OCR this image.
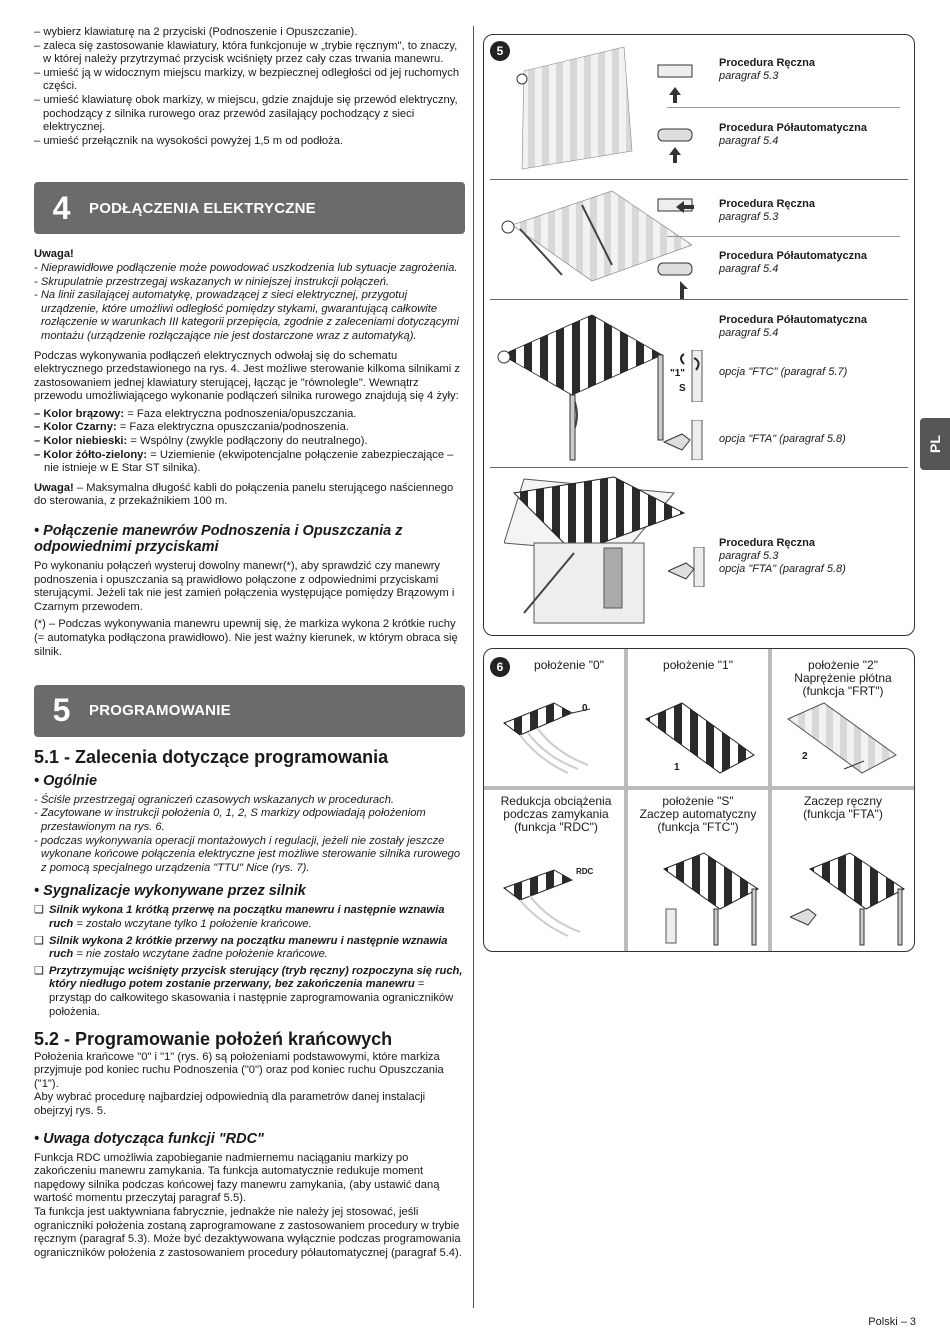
– wybierz klawiaturę na 2 przyciski (Podnoszenie i Opuszczanie).
– zaleca się zastosowanie klawiatury, która funkcjonuje w „trybie ręcznym", to znaczy, w której należy przytrzymać przycisk wciśnięty przez cały czas trwania manewru.
– umieść ją w widocznym miejscu markizy, w bezpiecznej odległości od jej ruchomych części.
– umieść klawiaturę obok markizy, w miejscu, gdzie znajduje się przewód elektryczny, pochodzący z silnika rurowego oraz przewód zasilający pochodzący z sieci elektrycznej.
– umieść przełącznik na wysokości powyżej 1,5 m od podłoża.
4	PODŁĄCZENIA ELEKTRYCZNE
Uwaga!
- Nieprawidłowe podłączenie może powodować uszkodzenia lub sytuacje zagrożenia.
- Skrupulatnie przestrzegaj wskazanych w niniejszej instrukcji połączeń.
- Na linii zasilającej automatykę, prowadzącej z sieci elektrycznej, przygotuj urządzenie, które umożliwi odległość pomiędzy stykami, gwarantującą całkowite rozłączenie w warunkach III kategorii przepięcia, zgodnie z zaleceniami dotyczącymi montażu (urządzenie rozłączające nie jest dostarczone wraz z automatyką).

Podczas wykonywania podłączeń elektrycznych odwołaj się do schematu elektrycznego przedstawionego na rys. 4. Jest możliwe sterowanie kilkoma silnikami z zastosowaniem jednej klawiatury sterującej, łącząc je "równolegle". Wewnątrz przewodu umożliwiającego wykonanie podłączeń silnika rurowego znajdują się 4 żyły:

– Kolor brązowy: = Faza elektryczna podnoszenia/opuszczania.
– Kolor Czarny: = Faza elektryczna opuszczania/podnoszenia.
– Kolor niebieski: = Wspólny (zwykle podłączony do neutralnego).
– Kolor żółto-zielony: = Uziemienie (ekwipotencjalne połączenie zabezpieczające – nie istnieje w E Star ST silnika).

Uwaga! – Maksymalna długość kabli do połączenia panelu sterującego naściennego do sterowania, z przekaźnikiem 100 m.

• Połączenie manewrów Podnoszenia i Opuszczania z odpowiednimi przyciskami

Po wykonaniu połączeń wysteruj dowolny manewr(*), aby sprawdzić czy manewry podnoszenia i opuszczania są prawidłowo połączone z odpowiednimi przyciskami sterującymi. Jeżeli tak nie jest zamień połączenia występujące pomiędzy Brązowym i Czarnym przewodem.

(*) – Podczas wykonywania manewru upewnij się, że markiza wykona 2 krótkie ruchy (= automatyka podłączona prawidłowo). Nie jest ważny kierunek, w którym obraca się silnik.

5	PROGRAMOWANIE
5.1 - Zalecenia dotyczące programowania
• Ogólnie
- Ściśle przestrzegaj ograniczeń czasowych wskazanych w procedurach.
- Zacytowane w instrukcji położenia 0, 1, 2, S markizy odpowiadają położeniom przestawionym na rys. 6.
- podczas wykonywania operacji montażowych i regulacji, jeżeli nie zostały jeszcze wykonane końcowe połączenia elektryczne jest możliwe sterowanie silnika rurowego z pomocą specjalnego urządzenia "TTU" Nice (rys. 7).
• Sygnalizacje wykonywane przez silnik
❑ Silnik wykona 1 krótką przerwę na początku manewru i następnie wznawia ruch = zostało wczytane tylko 1 położenie krańcowe.
❑ Silnik wykona 2 krótkie przerwy na początku manewru i następnie wznawia ruch = nie zostało wczytane żadne położenie krańcowe.
❑ Przytrzymując wciśnięty przycisk sterujący (tryb ręczny) rozpoczyna się ruch, który niedługo potem zostanie przerwany, bez zakończenia manewru = przystąp do całkowitego skasowania i następnie zaprogramowania ograniczników położenia.
5.2 - Programowanie położeń krańcowych

Położenia krańcowe "0" i "1" (rys. 6) są położeniami podstawowymi, które markiza przyjmuje pod koniec ruchu Podnoszenia ("0") oraz pod koniec ruchu Opuszczania ("1").

Aby wybrać procedurę najbardziej odpowiednią dla parametrów danej instalacji obejrzyj rys. 5.

• Uwaga dotycząca funkcji "RDC"

Funkcja RDC umożliwia zapobieganie nadmiernemu naciąganiu markizy po zakończeniu manewru zamykania. Ta funkcja automatycznie redukuje moment napędowy silnika podczas końcowej fazy manewru zamykania, (aby ustawić daną wartość momentu przeczytaj paragraf 5.5).

Ta funkcja jest uaktywniana fabrycznie, jednakże nie należy jej stosować, jeśli ograniczniki położenia zostaną zaprogramowane z zastosowaniem procedury w trybie ręcznym (paragraf 5.3). Może być dezaktywowana wyłącznie podczas programowania ograniczników położenia z zastosowaniem procedury półautomatycznej (paragraf 5.4).

5
Procedura Ręczna
paragraf 5.3
Procedura Półautomatyczna
paragraf 5.4
Procedura Ręczna
paragraf 5.3
Procedura Półautomatyczna
paragraf 5.4
Procedura Półautomatyczna
paragraf 5.4
"1"
S
opcja "FTC" (paragraf 5.7)
opcja "FTA" (paragraf 5.8)
Procedura Ręczna
paragraf 5.3
opcja "FTA" (paragraf 5.8)
6	położenie "0"	położenie "1"	położenie "2"
Naprężenie płótna
(funkcja "FRT")
0
1
2
Redukcja obciążenia
podczas zamykania
(funkcja "RDC")
położenie "S"
Zaczep automatyczny
(funkcja "FTC")
Zaczep ręczny
(funkcja "FTA")
RDC
PL
Polski – 3
